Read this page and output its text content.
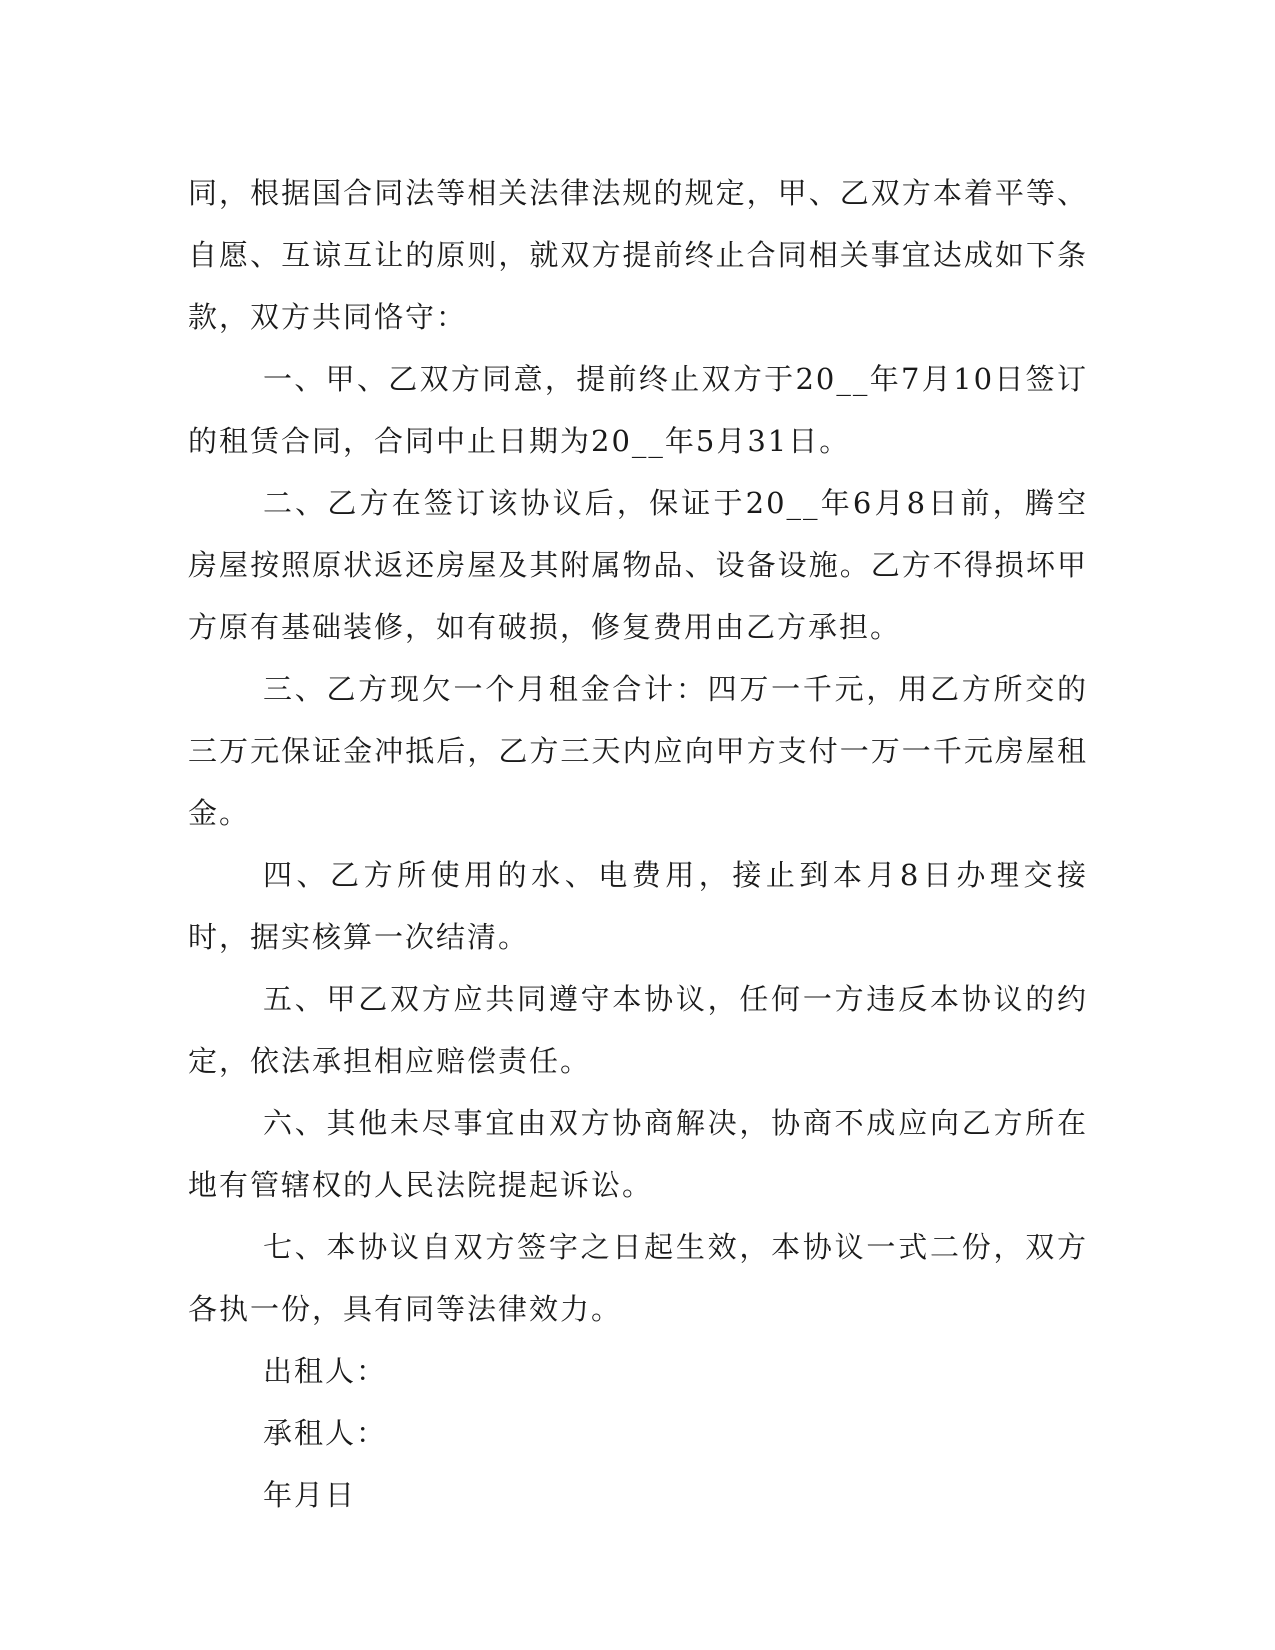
同，根据国合同法等相关法律法规的规定，甲、乙双方本着平等、自愿、互谅互让的原则，就双方提前终止合同相关事宜达成如下条款，双方共同恪守：

一、甲、乙双方同意，提前终止双方于20__年7月10日签订的租赁合同，合同中止日期为20__年5月31日。

二、乙方在签订该协议后，保证于20__年6月8日前，腾空房屋按照原状返还房屋及其附属物品、设备设施。乙方不得损坏甲方原有基础装修，如有破损，修复费用由乙方承担。

三、乙方现欠一个月租金合计：四万一千元，用乙方所交的三万元保证金冲抵后，乙方三天内应向甲方支付一万一千元房屋租金。

四、乙方所使用的水、电费用，接止到本月8日办理交接时，据实核算一次结清。

五、甲乙双方应共同遵守本协议，任何一方违反本协议的约定，依法承担相应赔偿责任。

六、其他未尽事宜由双方协商解决，协商不成应向乙方所在地有管辖权的人民法院提起诉讼。

七、本协议自双方签字之日起生效，本协议一式二份，双方各执一份，具有同等法律效力。

出租人：

承租人：

年月日
